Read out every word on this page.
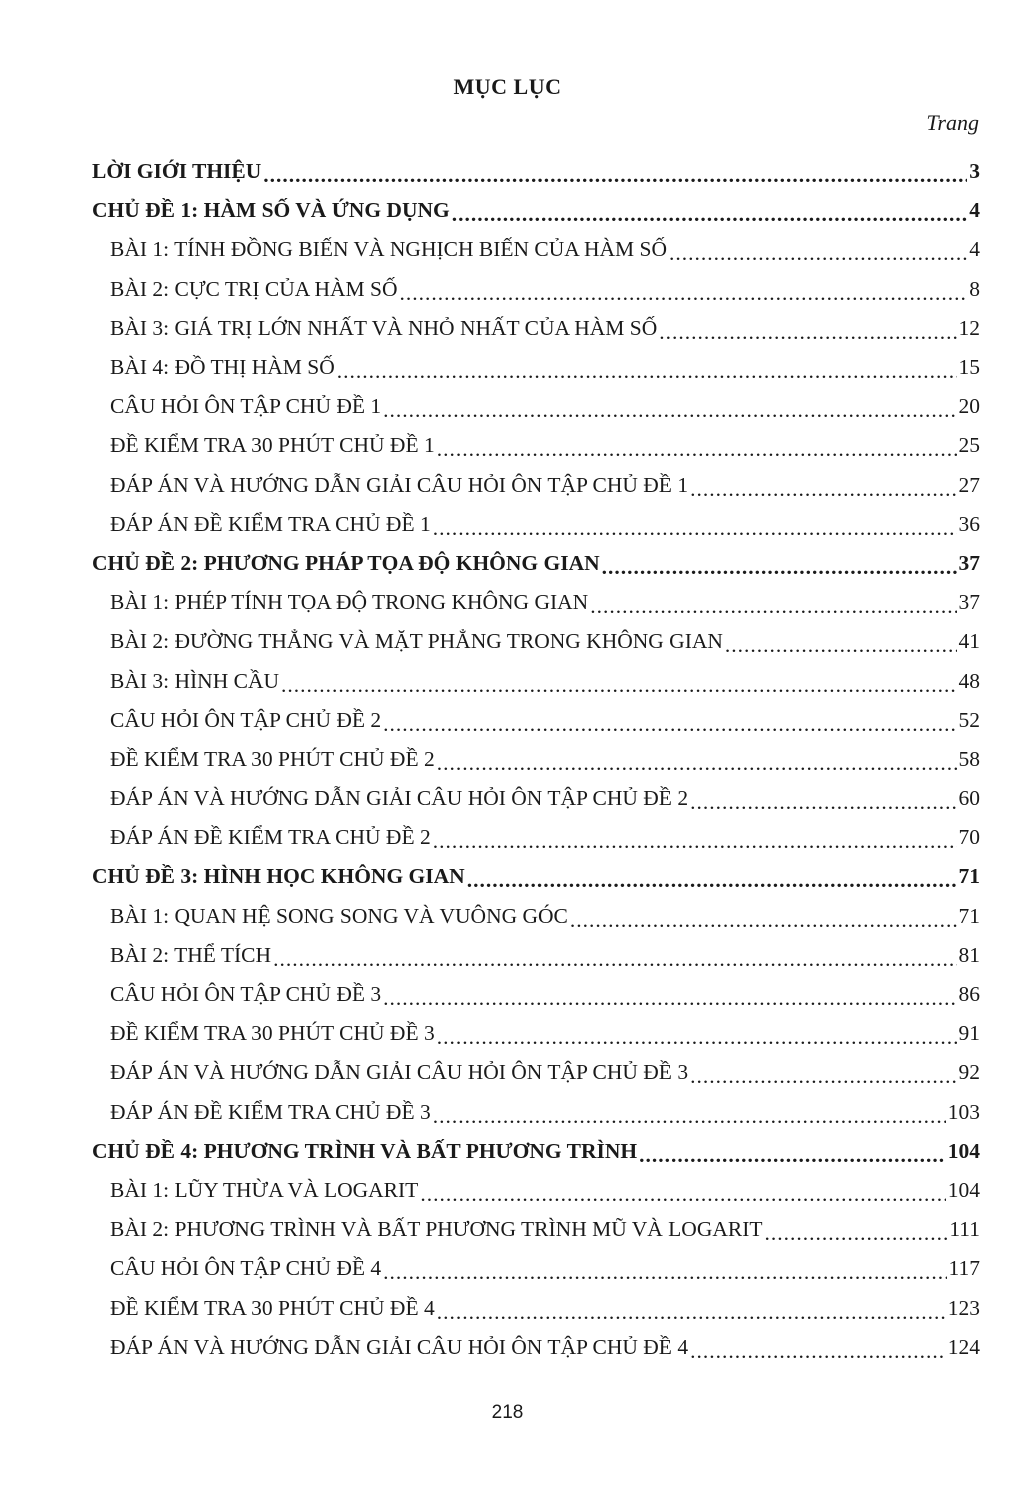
MỤC LỤC
Trang
LỜI GIỚI THIỆU .....	3
CHỦ ĐỀ 1: HÀM SỐ VÀ ỨNG DỤNG .....	4
BÀI 1: TÍNH ĐỒNG BIẾN VÀ NGHỊCH BIẾN CỦA HÀM SỐ .....	4
BÀI 2: CỰC TRỊ CỦA HÀM SỐ .....	8
BÀI 3: GIÁ TRỊ LỚN NHẤT VÀ NHỎ NHẤT CỦA HÀM SỐ .....	12
BÀI 4: ĐỒ THỊ HÀM SỐ .....	15
CÂU HỎI ÔN TẬP CHỦ ĐỀ 1 .....	20
ĐỀ KIỂM TRA 30 PHÚT CHỦ ĐỀ 1 .....	25
ĐÁP ÁN VÀ HƯỚNG DẪN GIẢI CÂU HỎI ÔN TẬP CHỦ ĐỀ 1 .....	27
ĐÁP ÁN ĐỀ KIỂM TRA CHỦ ĐỀ 1 .....	36
CHỦ ĐỀ 2: PHƯƠNG PHÁP TỌA ĐỘ KHÔNG GIAN .....	37
BÀI 1: PHÉP TÍNH TỌA ĐỘ TRONG KHÔNG GIAN .....	37
BÀI 2: ĐƯỜNG THẲNG VÀ MẶT PHẲNG TRONG KHÔNG GIAN .....	41
BÀI 3: HÌNH CẦU .....	48
CÂU HỎI ÔN TẬP CHỦ ĐỀ 2 .....	52
ĐỀ KIỂM TRA 30 PHÚT CHỦ ĐỀ 2 .....	58
ĐÁP ÁN VÀ HƯỚNG DẪN GIẢI CÂU HỎI ÔN TẬP CHỦ ĐỀ 2 .....	60
ĐÁP ÁN ĐỀ KIỂM TRA CHỦ ĐỀ 2 .....	70
CHỦ ĐỀ 3: HÌNH HỌC KHÔNG GIAN .....	71
BÀI 1: QUAN HỆ SONG SONG VÀ VUÔNG GÓC .....	71
BÀI 2: THỂ TÍCH .....	81
CÂU HỎI ÔN TẬP CHỦ ĐỀ 3 .....	86
ĐỀ KIỂM TRA 30 PHÚT CHỦ ĐỀ 3 .....	91
ĐÁP ÁN VÀ HƯỚNG DẪN GIẢI CÂU HỎI ÔN TẬP CHỦ ĐỀ 3 .....	92
ĐÁP ÁN ĐỀ KIỂM TRA CHỦ ĐỀ 3 .....	103
CHỦ ĐỀ 4: PHƯƠNG TRÌNH VÀ BẤT PHƯƠNG TRÌNH .....	104
BÀI 1: LŨY THỪA VÀ LOGARIT .....	104
BÀI 2: PHƯƠNG TRÌNH VÀ BẤT PHƯƠNG TRÌNH MŨ VÀ LOGARIT .....	111
CÂU HỎI ÔN TẬP CHỦ ĐỀ 4 .....	117
ĐỀ KIỂM TRA 30 PHÚT CHỦ ĐỀ 4 .....	123
ĐÁP ÁN VÀ HƯỚNG DẪN GIẢI CÂU HỎI ÔN TẬP CHỦ ĐỀ 4 .....	124
218
